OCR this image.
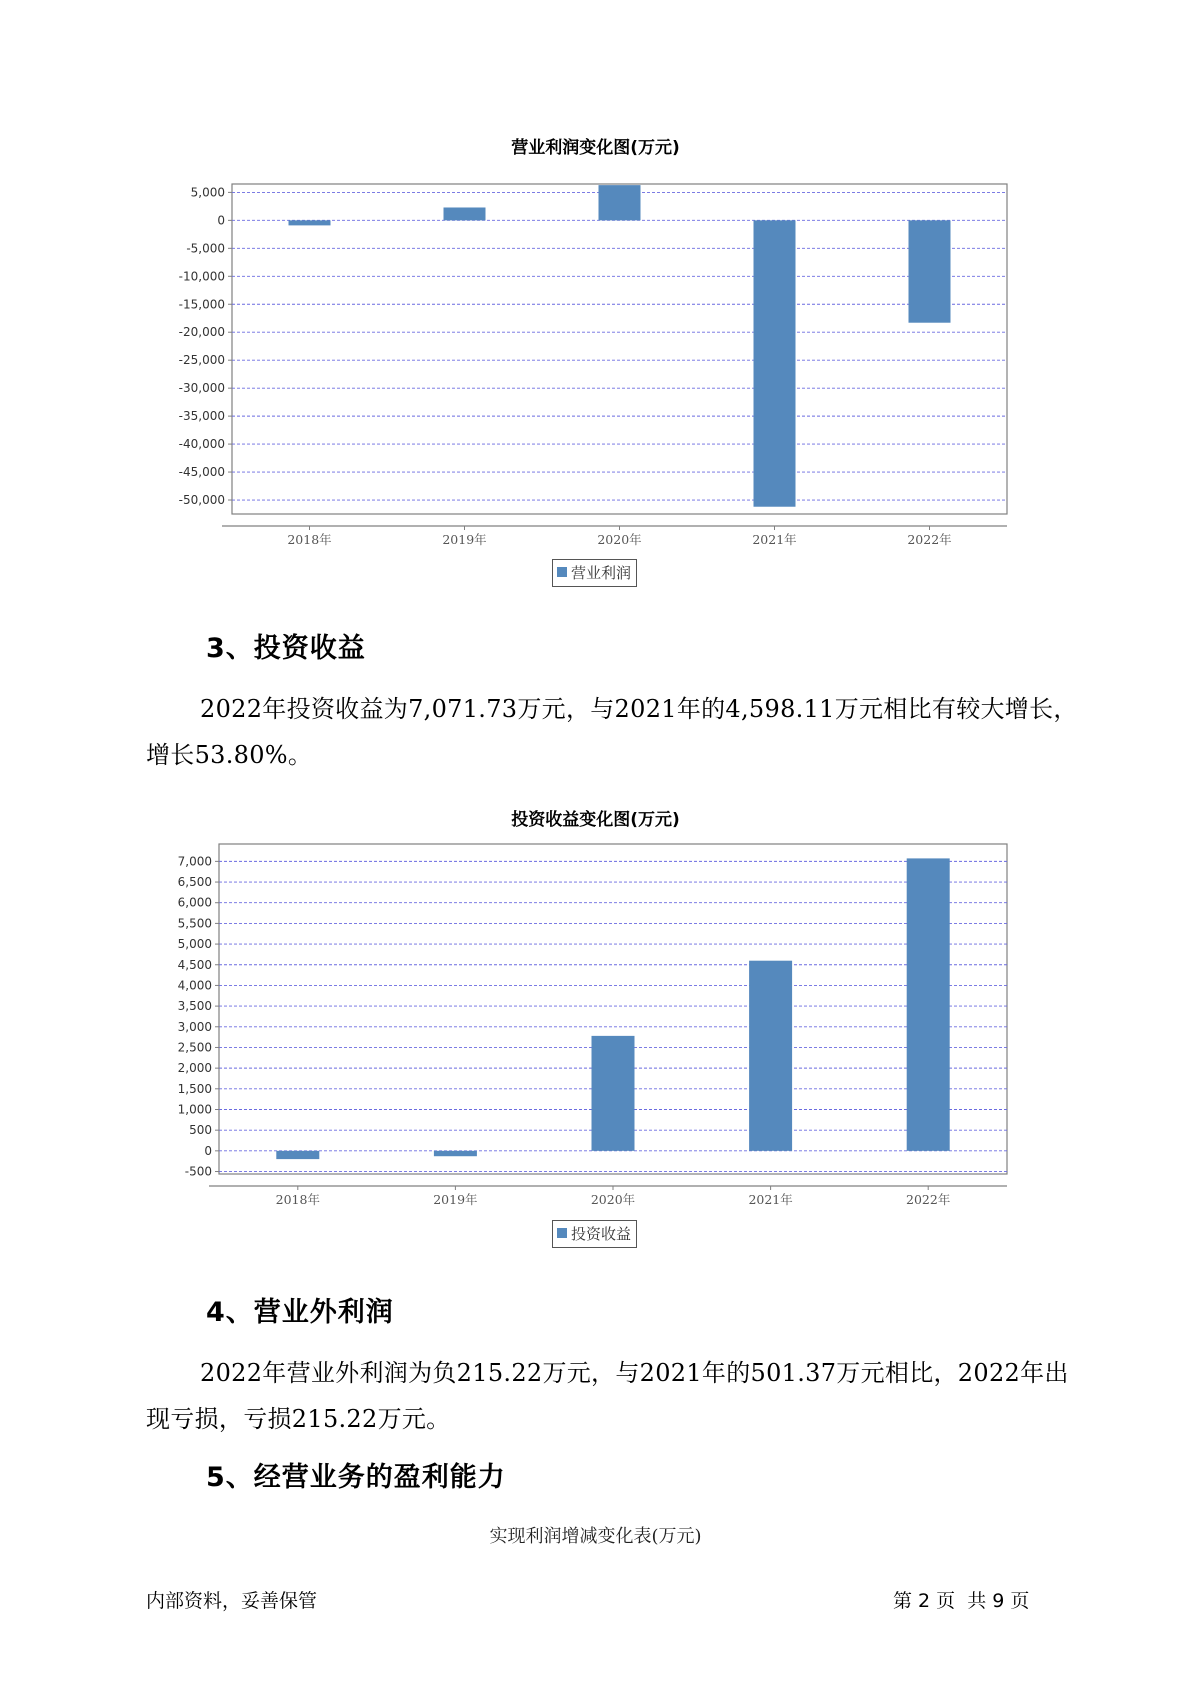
营业利润变化图(万元)
5,000
0
-5,000
-10,000
-15,000
-20,000
-25,000
-30,000
-35,000
-40,000
-45,000
-50,000
2018年	2019年	2020年	2021年	2022年
营业利润
3、投资收益

2022年投资收益为7,071.73万元，与2021年的4,598.11万元相比有较大增长，增长53.80%。

投资收益变化图(万元)
7,000
6,500
6,000
5,500
5,000
4,500
4,000
3,500
3,000
2,500
2,000
1,500
1,000
500
0
-500
2018年	2019年	2020年	2021年	2022年
投资收益
4、营业外利润

2022年营业外利润为负215.22万元，与2021年的501.37万元相比，2022年出现亏损，亏损215.22万元。

5、经营业务的盈利能力
实现利润增减变化表(万元)
内部资料，妥善保管	第 2 页  共 9 页
